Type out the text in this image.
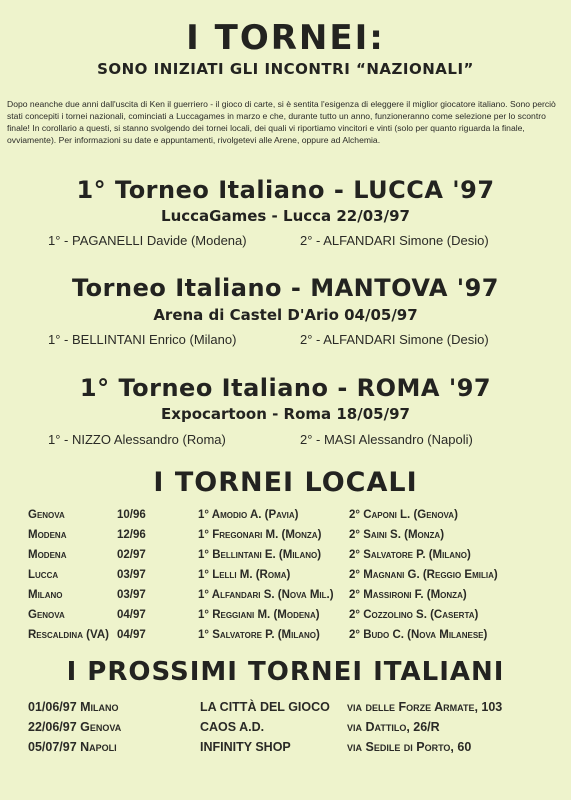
I TORNEI:
SONO INIZIATI GLI INCONTRI “NAZIONALI”
Dopo neanche due anni dall'uscita di Ken il guerriero - il gioco di carte, si è sentita l'esigenza di eleggere il miglior giocatore italiano. Sono perciò stati concepiti i tornei nazionali, cominciati a Luccagames in marzo e che, durante tutto un anno, funzioneranno come selezione per lo scontro finale! In corollario a questi, si stanno svolgendo dei tornei locali, dei quali vi riportiamo vincitori e vinti (solo per quanto riguarda la finale, ovviamente). Per informazioni su date e appuntamenti, rivolgetevi alle Arene, oppure ad Alchemia.
1° Torneo Italiano - LUCCA '97
LuccaGames - Lucca 22/03/97
1° - PAGANELLI Davide (Modena)	2° - ALFANDARI Simone (Desio)
Torneo Italiano - MANTOVA '97
Arena di Castel D'Ario 04/05/97
1° - BELLINTANI Enrico (Milano)	2° - ALFANDARI Simone (Desio)
1° Torneo Italiano - ROMA '97
Expocartoon - Roma 18/05/97
1° - NIZZO Alessandro (Roma)	2° - MASI Alessandro (Napoli)
I TORNEI LOCALI
Genova	10/96	1° Amodio A. (Pavia)	2° Caponi L. (Genova)
Modena	12/96	1° Fregonari M. (Monza) 2° Saini S. (Monza)
Modena	02/97	1° Bellintani E. (Milano) 2° Salvatore P. (Milano)
Lucca	03/97	1° Lelli M. (Roma)	2° Magnani G. (Reggio Emilia)
Milano	03/97	1° Alfandari S. (Nova Mil.) 2° Massironi F. (Monza)
Genova	04/97	1° Reggiani M. (Modena)	2° Cozzolino S. (Caserta)
Rescaldina (VA) 04/97	1° Salvatore P. (Milano)	2° Budo C. (Nova Milanese)
I PROSSIMI TORNEI ITALIANI
01/06/97 Milano	LA CITTÀ DEL GIOCO via delle Forze Armate, 103
22/06/97 Genova	CAOS A.D.	via Dattilo, 26/R
05/07/97 Napoli	INFINITY SHOP	via Sedile di Porto, 60
